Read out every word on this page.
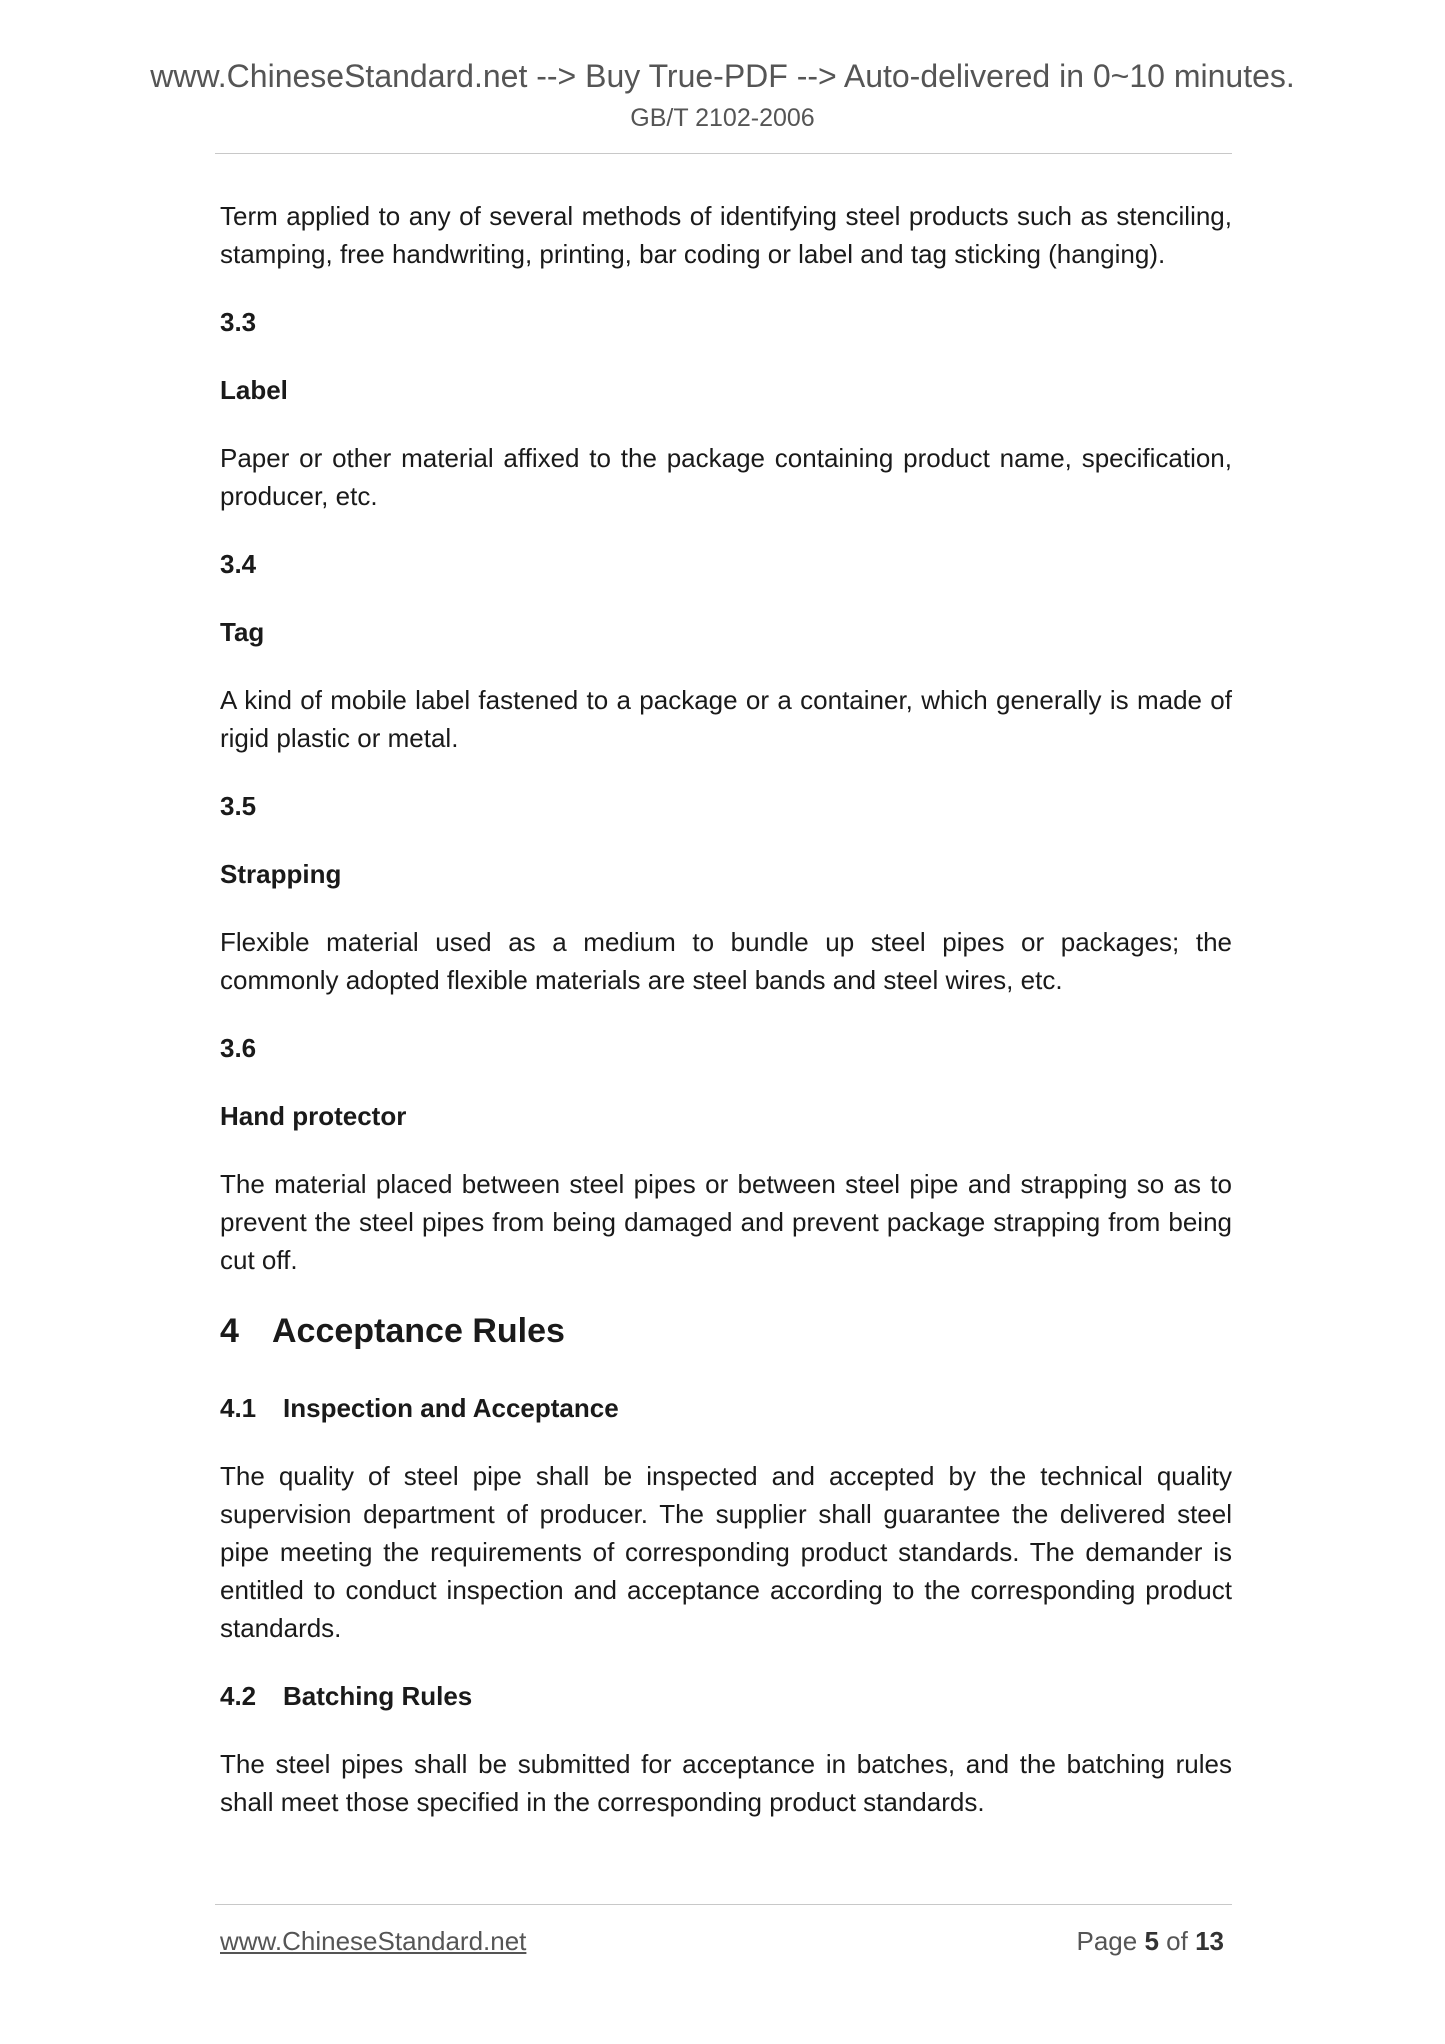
www.ChineseStandard.net --> Buy True-PDF --> Auto-delivered in 0~10 minutes.
GB/T 2102-2006

Term applied to any of several methods of identifying steel products such as stenciling, stamping, free handwriting, printing, bar coding or label and tag sticking (hanging).

3.3
Label

Paper or other material affixed to the package containing product name, specification, producer, etc.

3.4
Tag

A kind of mobile label fastened to a package or a container, which generally is made of rigid plastic or metal.

3.5
Strapping

Flexible material used as a medium to bundle up steel pipes or packages; the commonly adopted flexible materials are steel bands and steel wires, etc.

3.6
Hand protector

The material placed between steel pipes or between steel pipe and strapping so as to prevent the steel pipes from being damaged and prevent package strapping from being cut off.

4 Acceptance Rules
4.1 Inspection and Acceptance

The quality of steel pipe shall be inspected and accepted by the technical quality supervision department of producer. The supplier shall guarantee the delivered steel pipe meeting the requirements of corresponding product standards. The demander is entitled to conduct inspection and acceptance according to the corresponding product standards.

4.2 Batching Rules

The steel pipes shall be submitted for acceptance in batches, and the batching rules shall meet those specified in the corresponding product standards.

www.ChineseStandard.net	Page 5 of 13
